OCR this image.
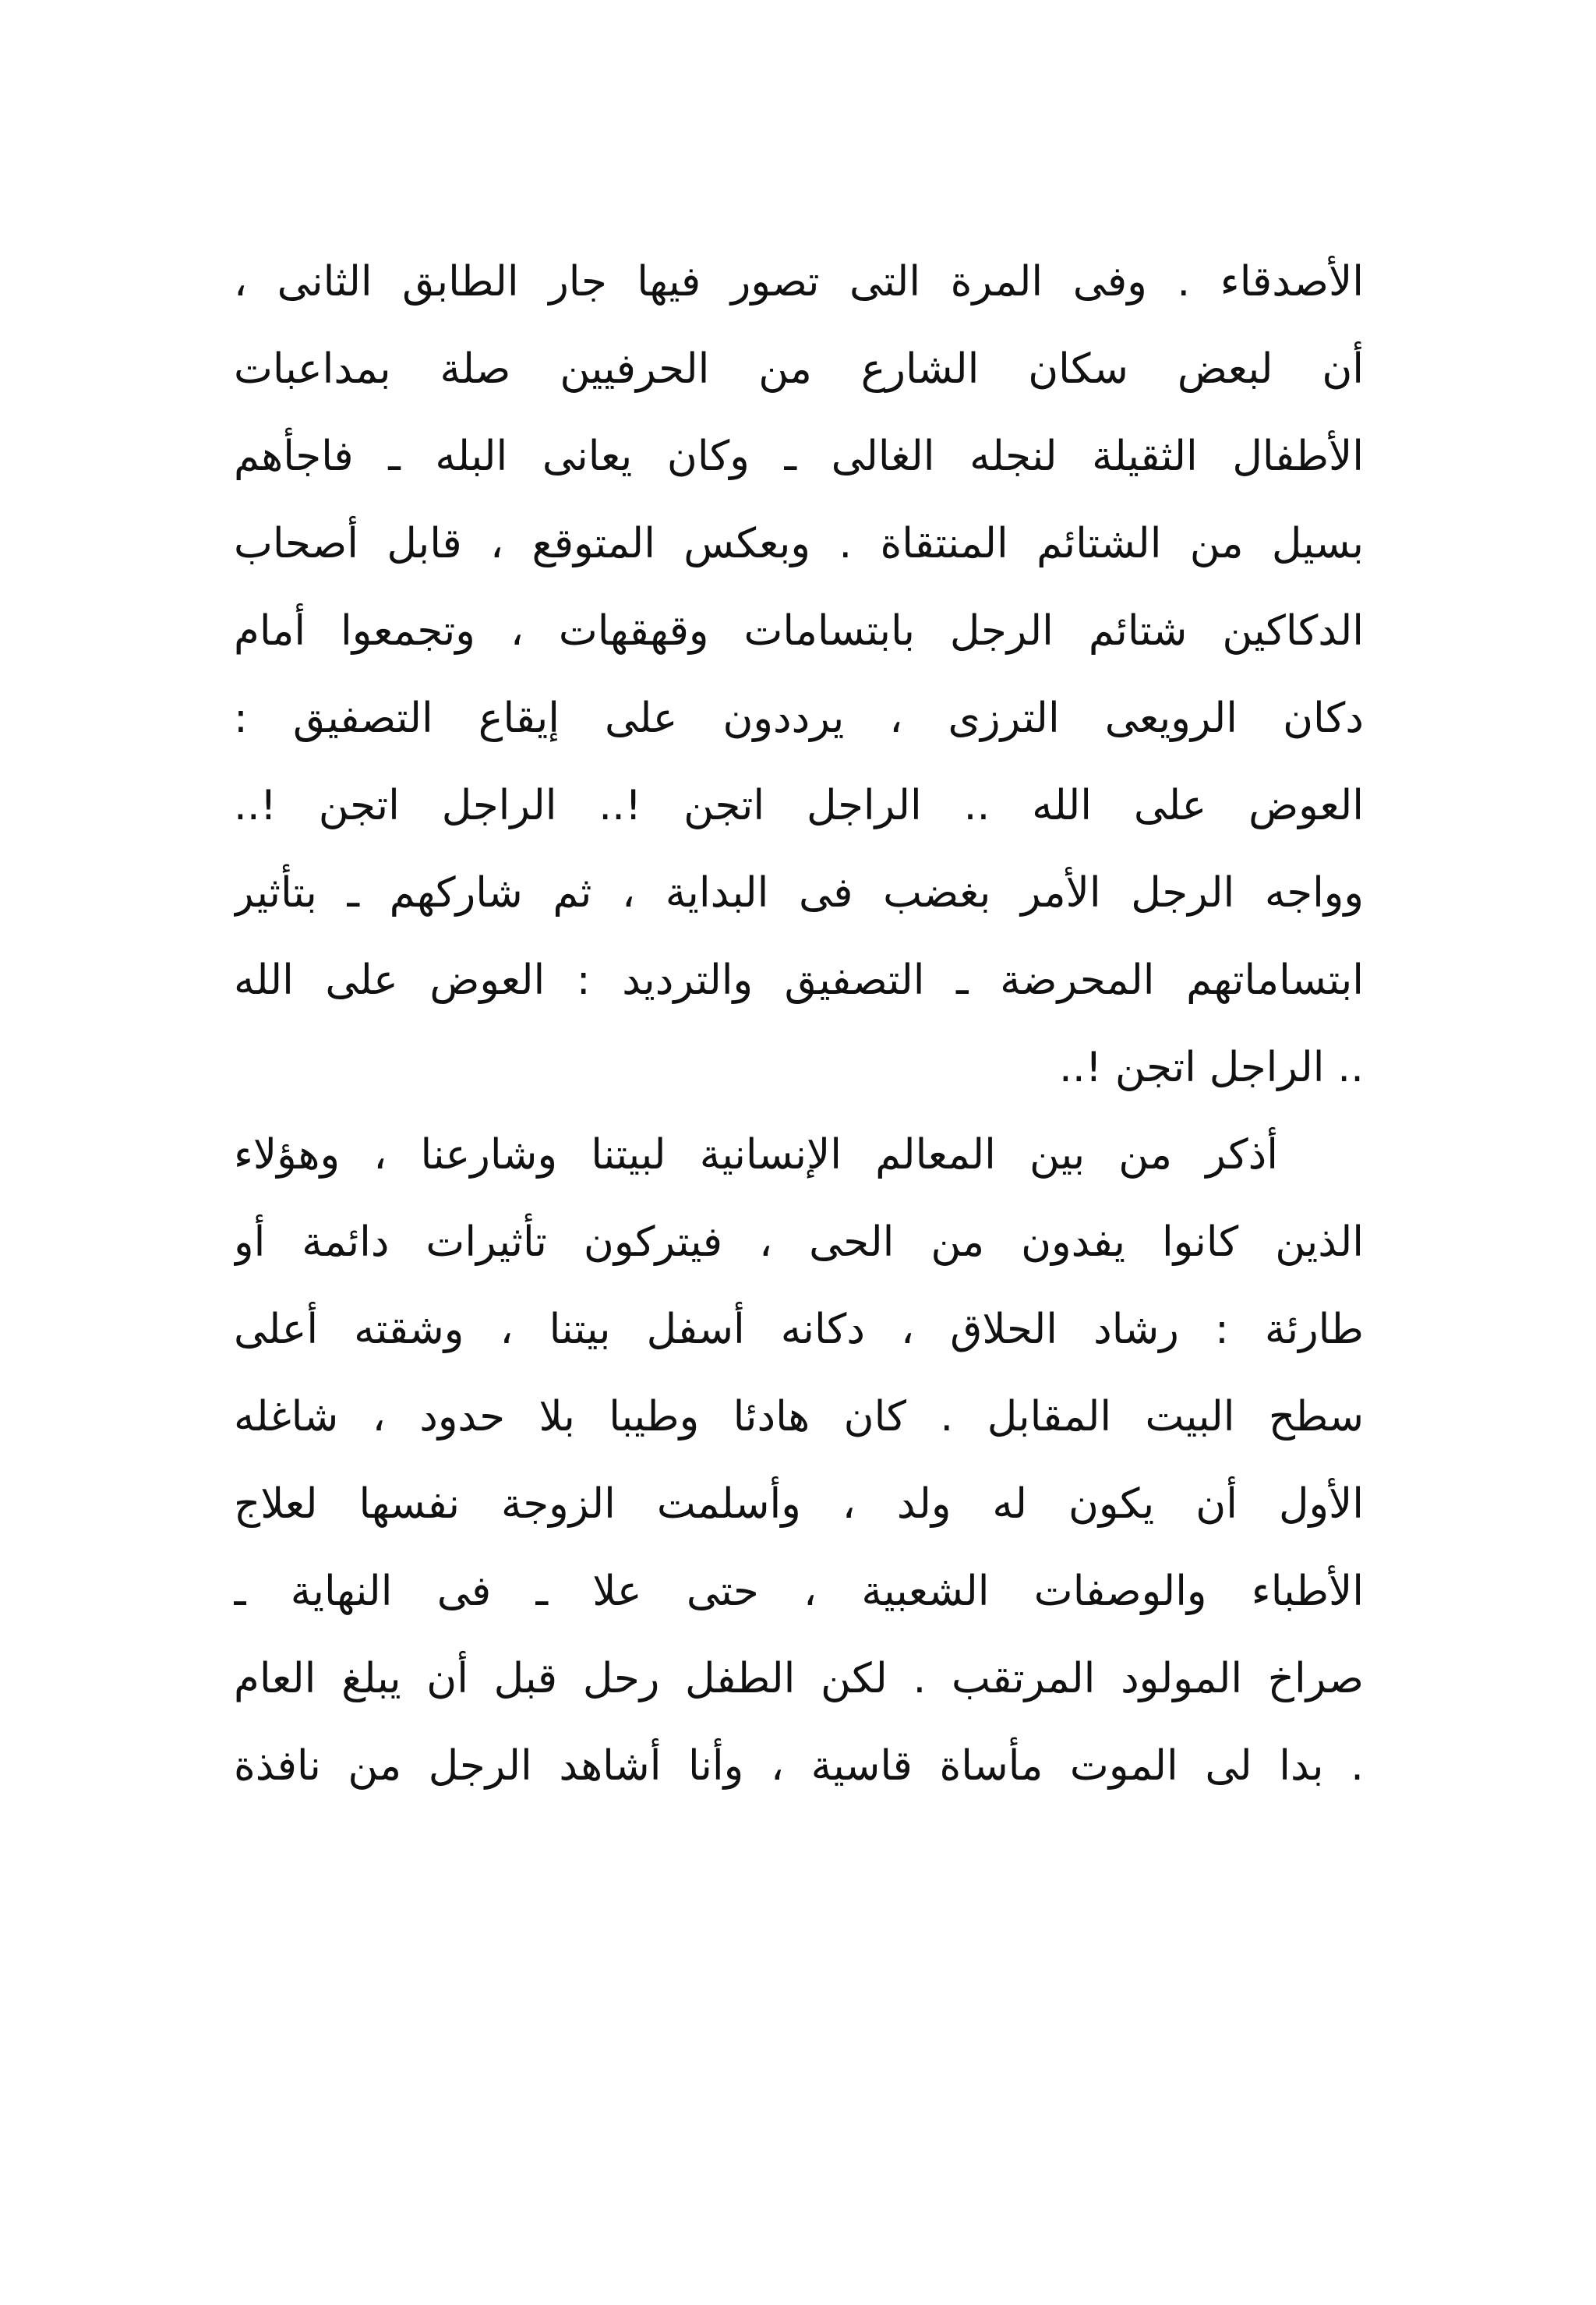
الأصدقاء . وفى المرة التى تصور فيها جار الطابق الثانى ،
أن لبعض سكان الشارع من الحرفيين صلة بمداعبات
الأطفال الثقيلة لنجله الغالى ـ وكان يعانى البله ـ فاجأهم
بسيل من الشتائم المنتقاة . وبعكس المتوقع ، قابل أصحاب
الدكاكين شتائم الرجل بابتسامات وقهقهات ، وتجمعوا أمام
دكان الرويعى الترزى ، يرددون على إيقاع التصفيق :
العوض على الله .. الراجل اتجن !.. الراجل اتجن !..
وواجه الرجل الأمر بغضب فى البداية ، ثم شاركهم ـ بتأثير
ابتساماتهم المحرضة ـ التصفيق والترديد : العوض على الله
.. الراجل اتجن !..
أذكر من بين المعالم الإنسانية لبيتنا وشارعنا ، وهؤلاء
الذين كانوا يفدون من الحى ، فيتركون تأثيرات دائمة أو
طارئة : رشاد الحلاق ، دكانه أسفل بيتنا ، وشقته أعلى
سطح البيت المقابل . كان هادئا وطيبا بلا حدود ، شاغله
الأول أن يكون له ولد ، وأسلمت الزوجة نفسها لعلاج
الأطباء والوصفات الشعبية ، حتى علا ـ فى النهاية ـ
صراخ المولود المرتقب . لكن الطفل رحل قبل أن يبلغ العام
. بدا لى الموت مأساة قاسية ، وأنا أشاهد الرجل من نافذة
